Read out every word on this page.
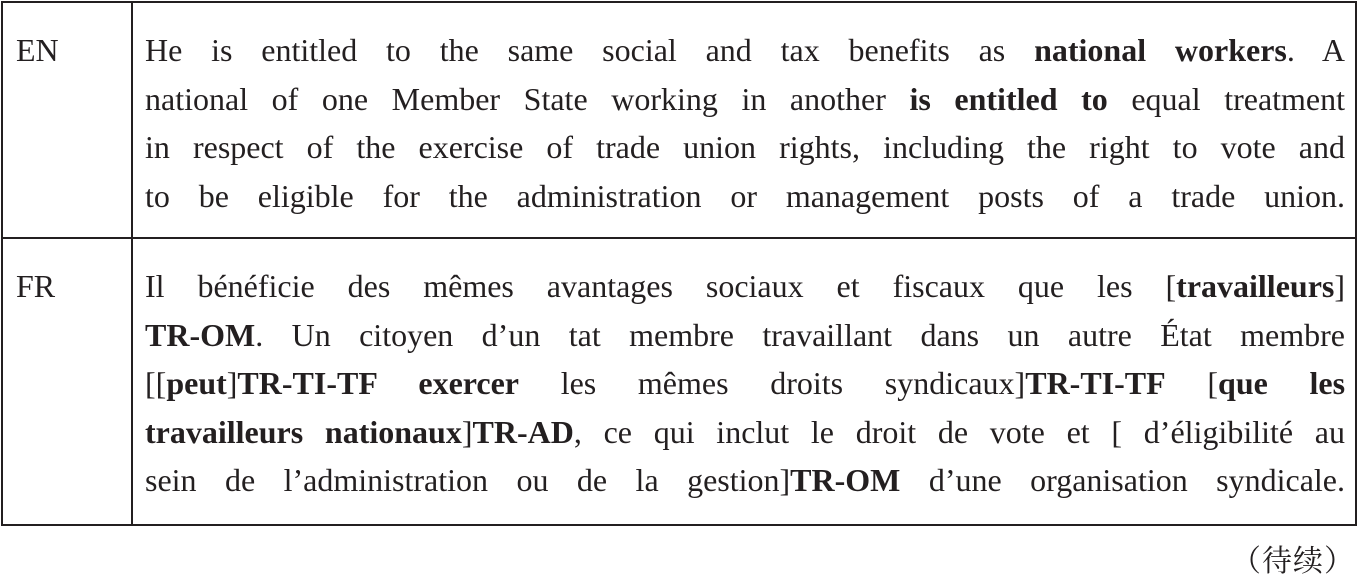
EN	He is entitled to the same social and tax benefits as national workers. A
national of one Member State working in another is entitled to equal treatment
in respect of the exercise of trade union rights, including the right to vote and
to be eligible for the administration or management posts of a trade union.

FR	Il bénéficie des mêmes avantages sociaux et fiscaux que les [travailleurs]
TR-OM. Un citoyen d’un tat membre travaillant dans un autre État membre
[[peut]TR-TI-TF exercer les mêmes droits syndicaux]TR-TI-TF [que les
travailleurs nationaux]TR-AD, ce qui inclut le droit de vote et [ d’éligibilité au
sein de l’administration ou de la gestion]TR-OM d’une organisation syndicale.
（待续）
